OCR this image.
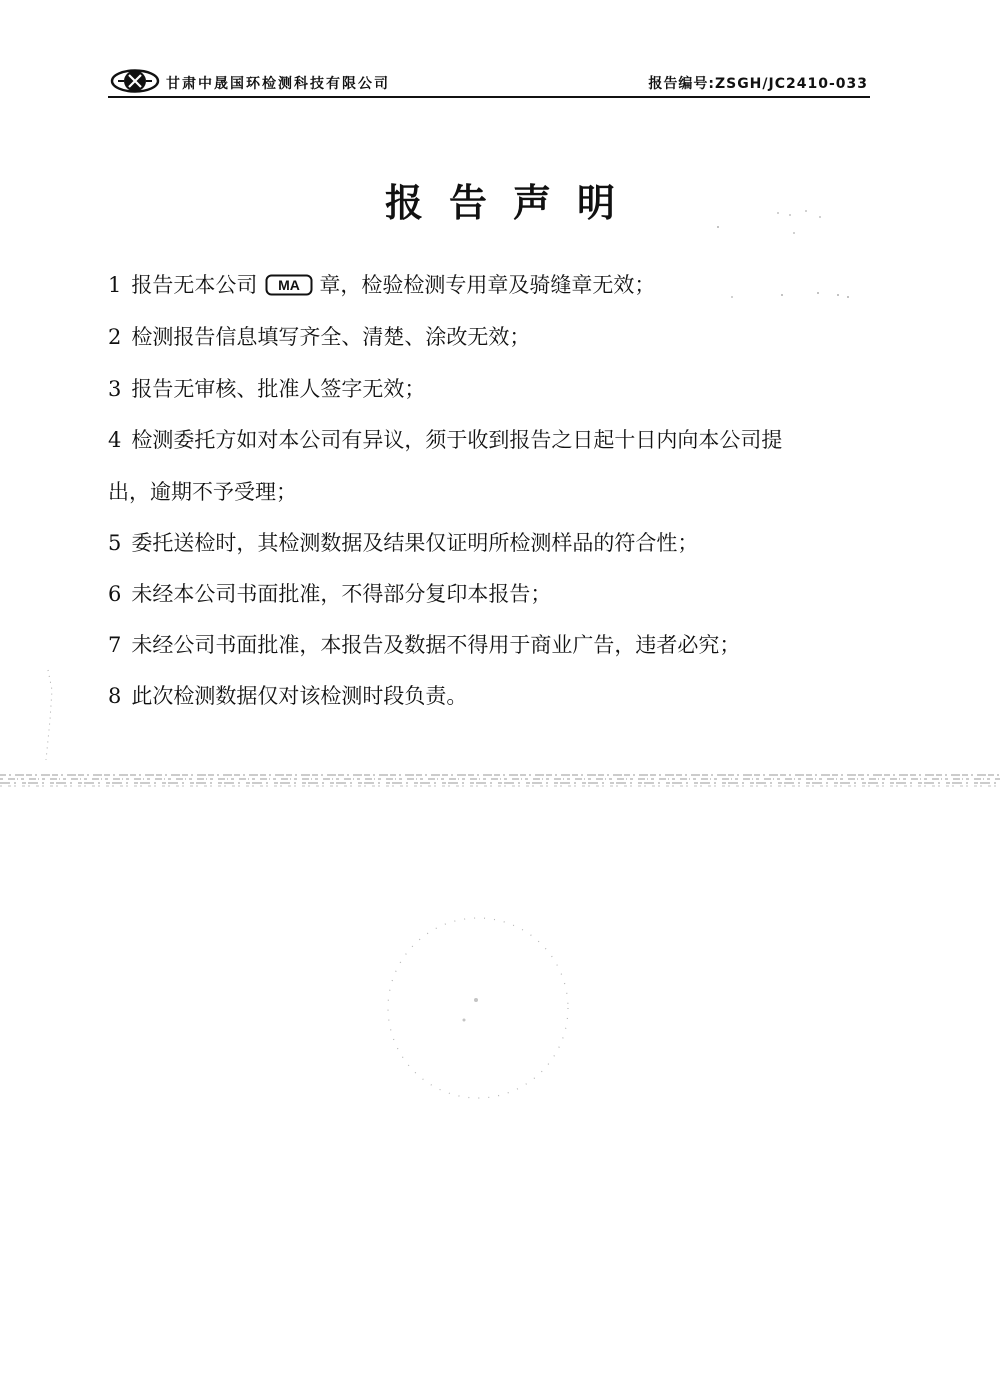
甘肃中晟国环检测科技有限公司	报告编号:ZSGH/JC2410-033
报告声明
1 报告无本公司 MA 章，检验检测专用章及骑缝章无效；
2 检测报告信息填写齐全、清楚、涂改无效；
3 报告无审核、批准人签字无效；
4 检测委托方如对本公司有异议，须于收到报告之日起十日内向本公司提
出，逾期不予受理；
5 委托送检时，其检测数据及结果仅证明所检测样品的符合性；
6 未经本公司书面批准，不得部分复印本报告；
7 未经公司书面批准，本报告及数据不得用于商业广告，违者必究；
8 此次检测数据仅对该检测时段负责。
